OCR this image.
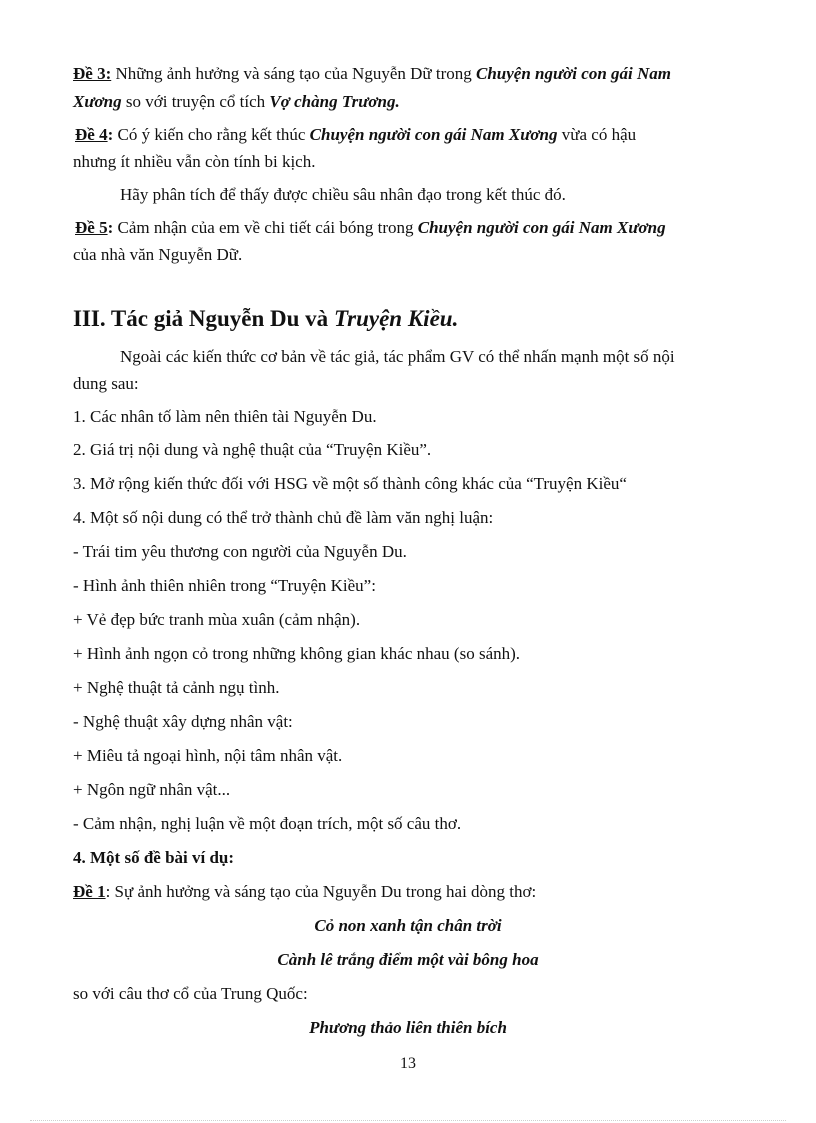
Đề 3: Những ảnh hưởng và sáng tạo của Nguyễn Dữ trong Chuyện người con gái Nam
Xương so với truyện cổ tích Vợ chàng Trương.
Đề 4: Có ý kiến cho rằng kết thúc Chuyện người con gái Nam Xương vừa có hậu
nhưng ít nhiều vẫn còn tính bi kịch.
Hãy phân tích để thấy được chiều sâu nhân đạo trong kết thúc đó.
Đề 5: Cảm nhận của em về chi tiết cái bóng trong Chuyện người con gái Nam Xương
của nhà văn Nguyễn Dữ.
III. Tác giả Nguyễn Du và Truyện Kiều.
Ngoài các kiến thức cơ bản về tác giả, tác phẩm GV có thể nhấn mạnh một số nội
dung sau:
1. Các nhân tố làm nên thiên tài Nguyễn Du.
2. Giá trị nội dung và nghệ thuật của “Truyện Kiều”.
3. Mở rộng kiến thức đối với HSG về một số thành công khác của “Truyện Kiều“
4. Một số nội dung có thể trở thành chủ đề làm văn nghị luận:
- Trái tim yêu thương con người của Nguyễn Du.
- Hình ảnh thiên nhiên trong “Truyện Kiều”:
+ Vẻ đẹp bức tranh mùa xuân (cảm nhận).
+ Hình ảnh ngọn cỏ trong những không gian khác nhau (so sánh).
+ Nghệ thuật tả cảnh ngụ tình.
- Nghệ thuật xây dựng nhân vật:
+ Miêu tả ngoại hình, nội tâm nhân vật.
+ Ngôn ngữ nhân vật...
- Cảm nhận, nghị luận về một đoạn trích, một số câu thơ.
4. Một số đề bài ví dụ:
Đề 1: Sự ảnh hưởng và sáng tạo của Nguyễn Du trong hai dòng thơ:
Cỏ non xanh tận chân trời
Cành lê trắng điểm một vài bông hoa
so với câu thơ cổ của Trung Quốc:
Phương thảo liên thiên bích
13
